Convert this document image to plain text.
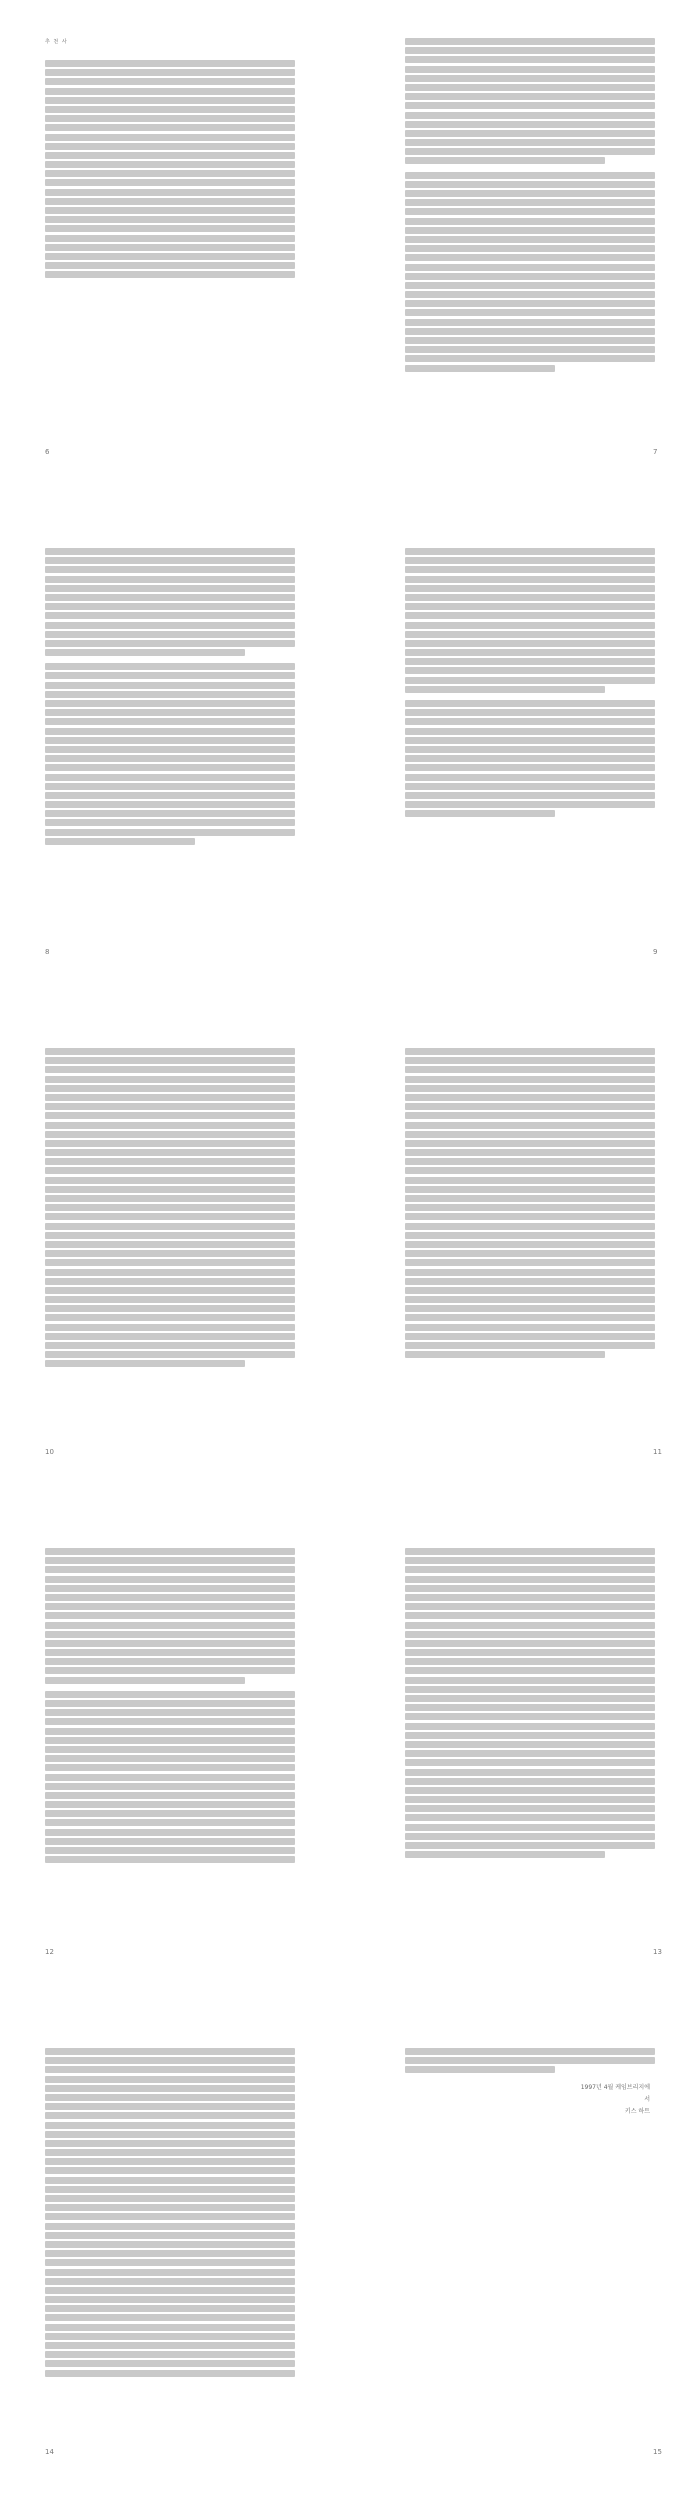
추 천 사
6	7
8	9
10	11
12	13
14
1997년 4월 케임브리지에서
키스 하트
15
